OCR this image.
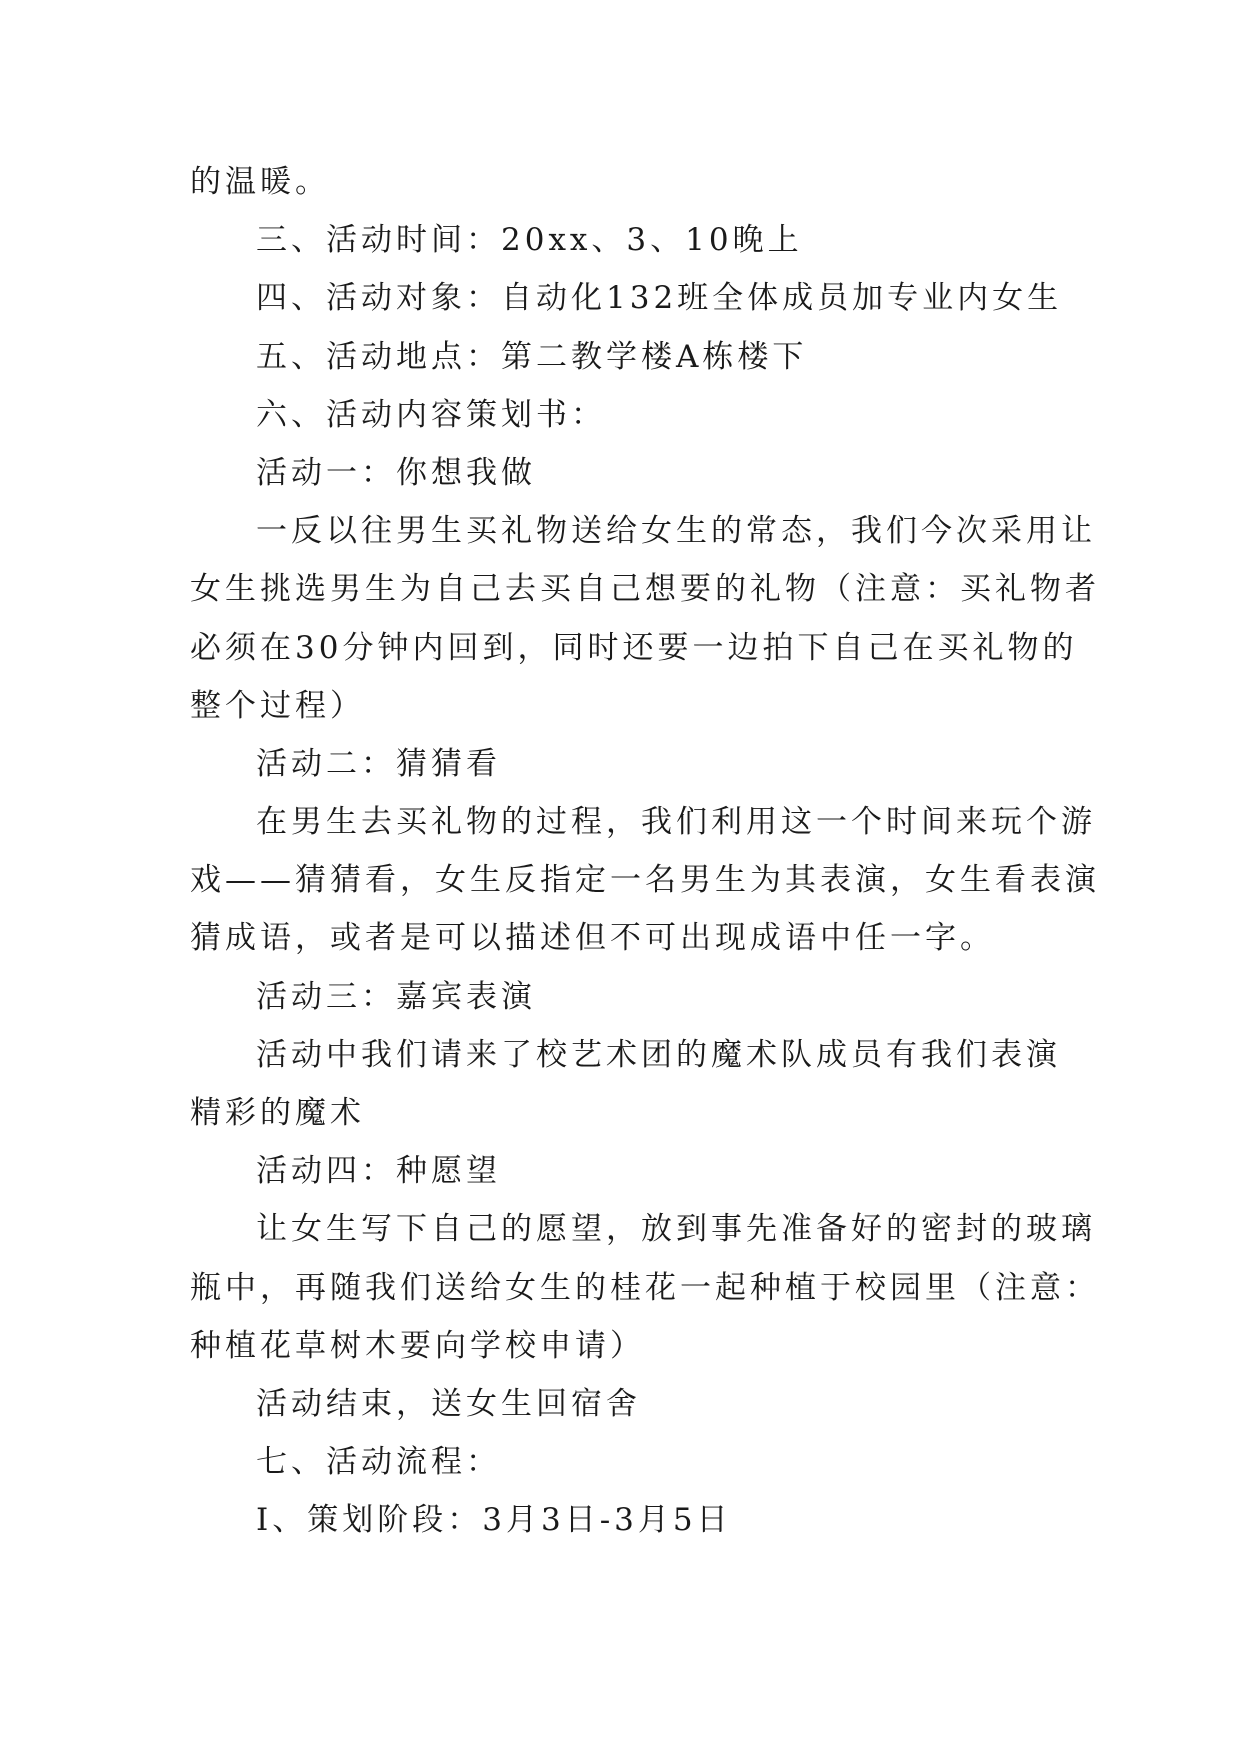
的温暖。
三、活动时间：20xx、3、10晚上
四、活动对象：自动化132班全体成员加专业内女生
五、活动地点：第二教学楼A栋楼下
六、活动内容策划书：
活动一：你想我做
一反以往男生买礼物送给女生的常态，我们今次采用让
女生挑选男生为自己去买自己想要的礼物（注意：买礼物者
必须在30分钟内回到，同时还要一边拍下自己在买礼物的
整个过程）
活动二：猜猜看
在男生去买礼物的过程，我们利用这一个时间来玩个游
戏——猜猜看，女生反指定一名男生为其表演，女生看表演
猜成语，或者是可以描述但不可出现成语中任一字。
活动三：嘉宾表演
活动中我们请来了校艺术团的魔术队成员有我们表演
精彩的魔术
活动四：种愿望
让女生写下自己的愿望，放到事先准备好的密封的玻璃
瓶中，再随我们送给女生的桂花一起种植于校园里（注意：
种植花草树木要向学校申请）
活动结束，送女生回宿舍
七、活动流程：
Ⅰ、策划阶段：3月3日-3月5日
